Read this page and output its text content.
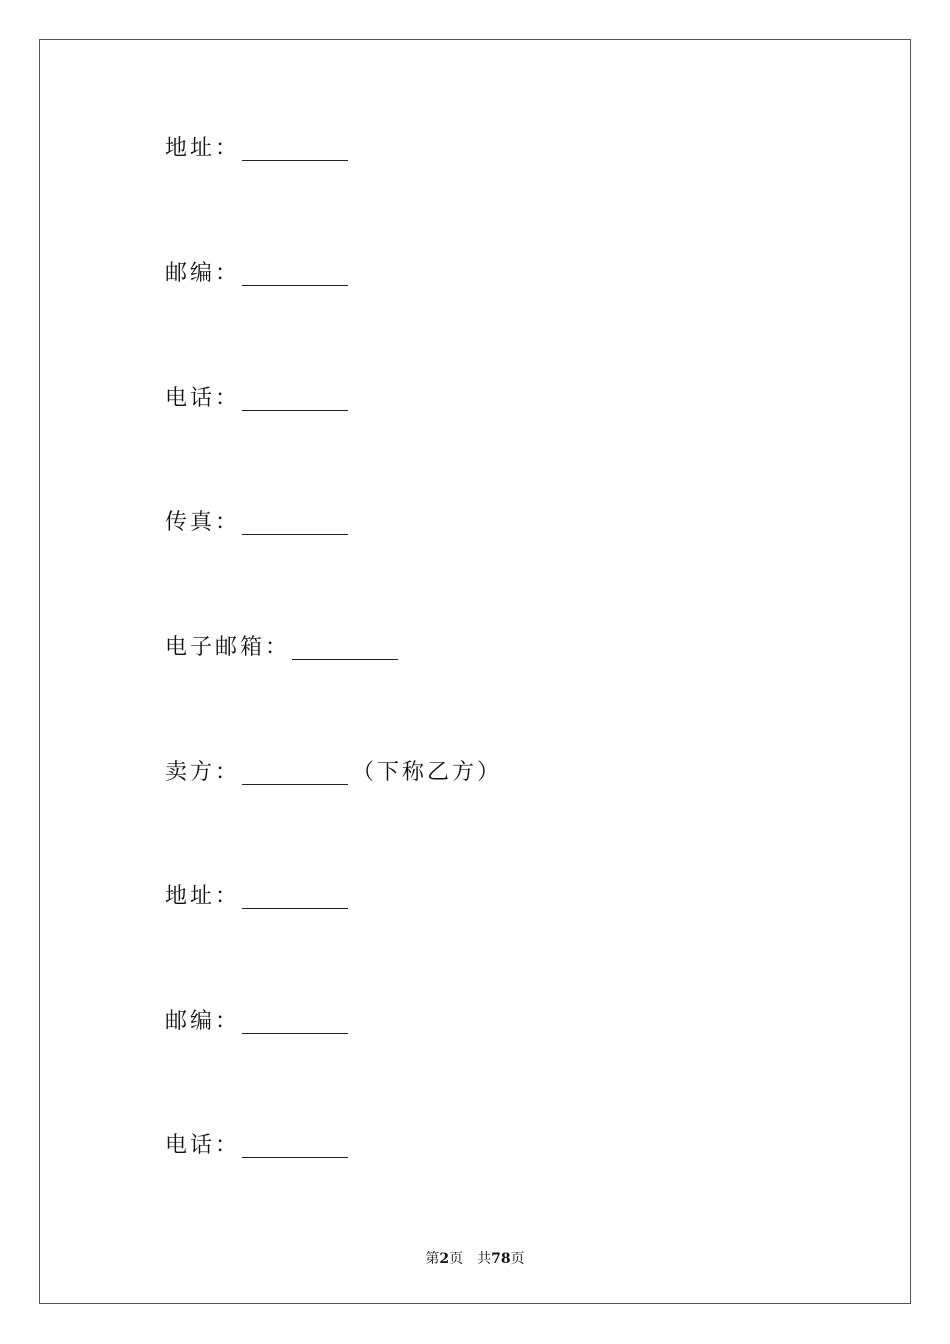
地址：
邮编：
电话：
传真：
电子邮箱：
卖方：	（下称乙方）
地址：
邮编：
电话：
第2页 共78页
